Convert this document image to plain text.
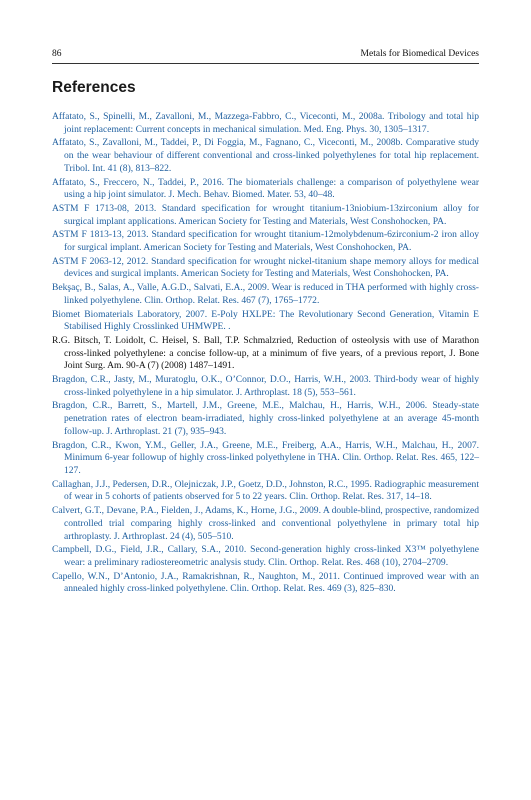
86	Metals for Biomedical Devices
References
Affatato, S., Spinelli, M., Zavalloni, M., Mazzega-Fabbro, C., Viceconti, M., 2008a. Tribology and total hip joint replacement: Current concepts in mechanical simulation. Med. Eng. Phys. 30, 1305–1317.
Affatato, S., Zavalloni, M., Taddei, P., Di Foggia, M., Fagnano, C., Viceconti, M., 2008b. Comparative study on the wear behaviour of different conventional and cross-linked polyethylenes for total hip replacement. Tribol. Int. 41 (8), 813–822.
Affatato, S., Freccero, N., Taddei, P., 2016. The biomaterials challenge: a comparison of polyethylene wear using a hip joint simulator. J. Mech. Behav. Biomed. Mater. 53, 40–48.
ASTM F 1713-08, 2013. Standard specification for wrought titanium-13niobium-13zirconium alloy for surgical implant applications. American Society for Testing and Materials, West Conshohocken, PA.
ASTM F 1813-13, 2013. Standard specification for wrought titanium-12molybdenum-6zirconium-2 iron alloy for surgical implant. American Society for Testing and Materials, West Conshohocken, PA.
ASTM F 2063-12, 2012. Standard specification for wrought nickel-titanium shape memory alloys for medical devices and surgical implants. American Society for Testing and Materials, West Conshohocken, PA.
Bekşaç, B., Salas, A., Valle, A.G.D., Salvati, E.A., 2009. Wear is reduced in THA performed with highly cross-linked polyethylene. Clin. Orthop. Relat. Res. 467 (7), 1765–1772.
Biomet Biomaterials Laboratory, 2007. E-Poly HXLPE: The Revolutionary Second Generation, Vitamin E Stabilised Highly Crosslinked UHMWPE. .
R.G. Bitsch, T. Loidolt, C. Heisel, S. Ball, T.P. Schmalzried, Reduction of osteolysis with use of Marathon cross-linked polyethylene: a concise follow-up, at a minimum of five years, of a previous report, J. Bone Joint Surg. Am. 90-A (7) (2008) 1487–1491.
Bragdon, C.R., Jasty, M., Muratoglu, O.K., O’Connor, D.O., Harris, W.H., 2003. Third-body wear of highly cross-linked polyethylene in a hip simulator. J. Arthroplast. 18 (5), 553–561.
Bragdon, C.R., Barrett, S., Martell, J.M., Greene, M.E., Malchau, H., Harris, W.H., 2006. Steady-state penetration rates of electron beam-irradiated, highly cross-linked polyethylene at an average 45-month follow-up. J. Arthroplast. 21 (7), 935–943.
Bragdon, C.R., Kwon, Y.M., Geller, J.A., Greene, M.E., Freiberg, A.A., Harris, W.H., Malchau, H., 2007. Minimum 6-year followup of highly cross-linked polyethylene in THA. Clin. Orthop. Relat. Res. 465, 122–127.
Callaghan, J.J., Pedersen, D.R., Olejniczak, J.P., Goetz, D.D., Johnston, R.C., 1995. Radiographic measurement of wear in 5 cohorts of patients observed for 5 to 22 years. Clin. Orthop. Relat. Res. 317, 14–18.
Calvert, G.T., Devane, P.A., Fielden, J., Adams, K., Horne, J.G., 2009. A double-blind, prospective, randomized controlled trial comparing highly cross-linked and conventional polyethylene in primary total hip arthroplasty. J. Arthroplast. 24 (4), 505–510.
Campbell, D.G., Field, J.R., Callary, S.A., 2010. Second-generation highly cross-linked X3™ polyethylene wear: a preliminary radiostereometric analysis study. Clin. Orthop. Relat. Res. 468 (10), 2704–2709.
Capello, W.N., D’Antonio, J.A., Ramakrishnan, R., Naughton, M., 2011. Continued improved wear with an annealed highly cross-linked polyethylene. Clin. Orthop. Relat. Res. 469 (3), 825–830.
